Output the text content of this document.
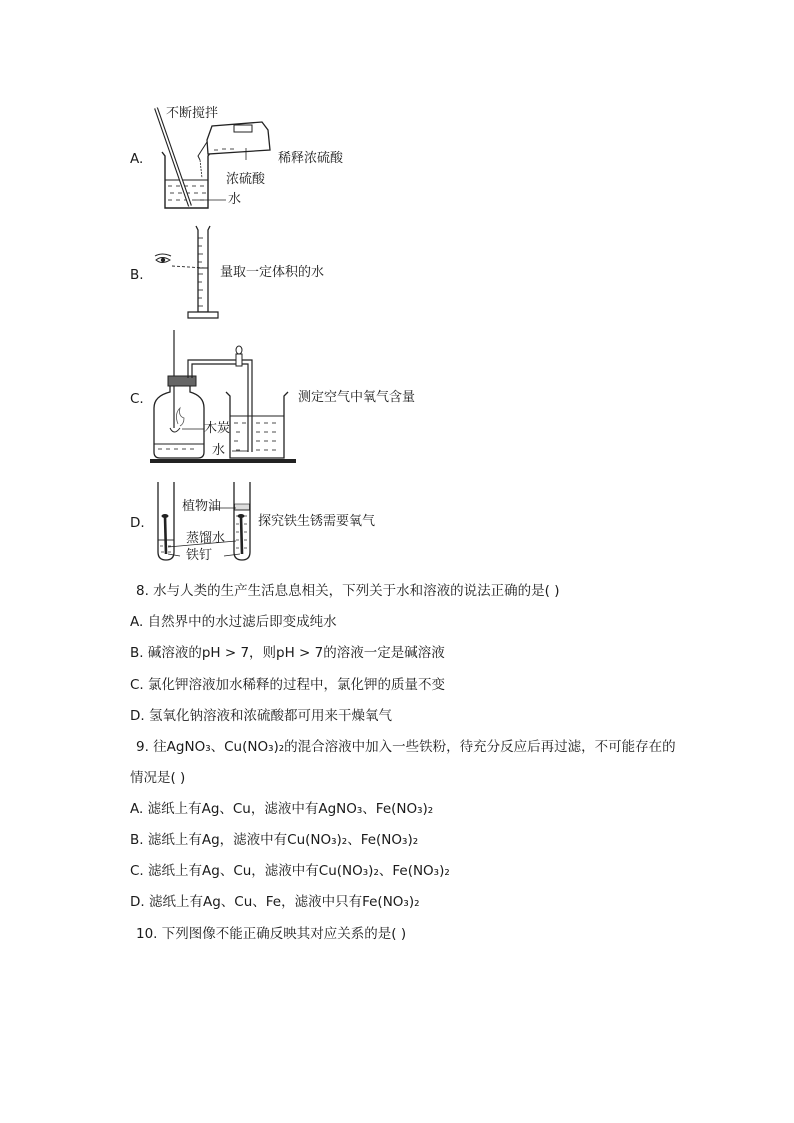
A.
不断搅拌
浓硫酸
水
稀释浓硫酸
B.	量取一定体积的水
C.
木炭
水
测定空气中氧气含量
D.
植物油
蒸馏水
铁钉
探究铁生锈需要氧气
8. 水与人类的生产生活息息相关，下列关于水和溶液的说法正确的是( )
A. 自然界中的水过滤后即变成纯水
B. 碱溶液的pH > 7，则pH > 7的溶液一定是碱溶液
C. 氯化钾溶液加水稀释的过程中，氯化钾的质量不变
D. 氢氧化钠溶液和浓硫酸都可用来干燥氧气
9. 往AgNO₃、Cu(NO₃)₂的混合溶液中加入一些铁粉，待充分反应后再过滤，不可能存在的
情况是( )
A. 滤纸上有Ag、Cu，滤液中有AgNO₃、Fe(NO₃)₂
B. 滤纸上有Ag，滤液中有Cu(NO₃)₂、Fe(NO₃)₂
C. 滤纸上有Ag、Cu，滤液中有Cu(NO₃)₂、Fe(NO₃)₂
D. 滤纸上有Ag、Cu、Fe，滤液中只有Fe(NO₃)₂
10. 下列图像不能正确反映其对应关系的是( )
